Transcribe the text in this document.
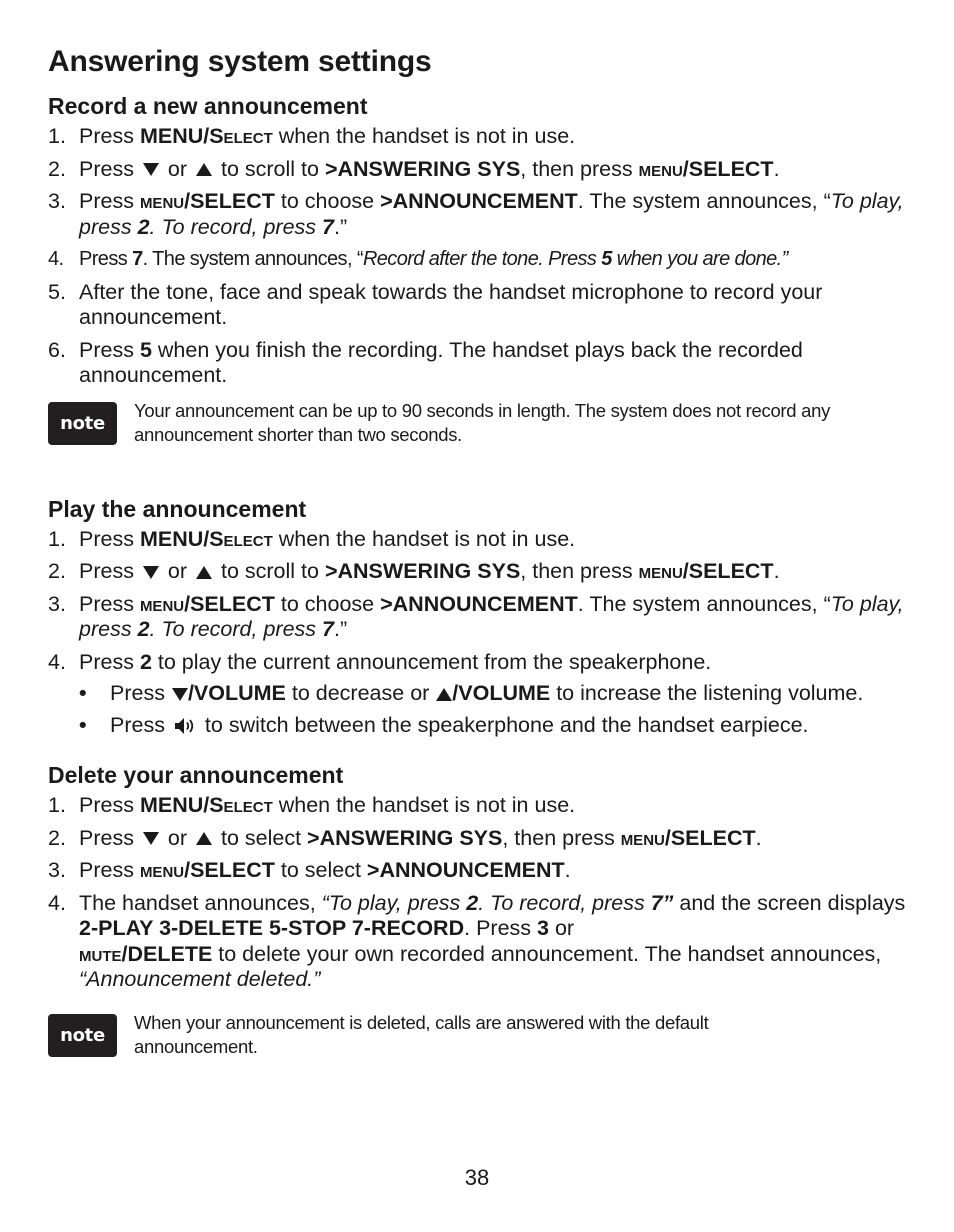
Answering system settings
Record a new announcement
1. Press MENU/Select when the handset is not in use.
2. Press  or  to scroll to >ANSWERING SYS, then press menu/SELECT.
3. Press menu/SELECT to choose >ANNOUNCEMENT. The system announces, “To play, press 2. To record, press 7.”
4. Press 7. The system announces, “Record after the tone. Press 5 when you are done.”
5. After the tone, face and speak towards the handset microphone to record your announcement.
6. Press 5 when you finish the recording. The handset plays back the recorded announcement.
note
Your announcement can be up to 90 seconds in length. The system does not record any announcement shorter than two seconds.
Play the announcement
1. Press MENU/Select when the handset is not in use.
2. Press  or  to scroll to >ANSWERING SYS, then press menu/SELECT.
3. Press menu/SELECT to choose >ANNOUNCEMENT. The system announces, “To play, press 2. To record, press 7.”
4. Press 2 to play the current announcement from the speakerphone.
• Press /VOLUME to decrease or /VOLUME to increase the listening volume.
• Press  to switch between the speakerphone and the handset earpiece.
Delete your announcement
1. Press MENU/Select when the handset is not in use.
2. Press  or  to select >ANSWERING SYS, then press menu/SELECT.
3. Press menu/SELECT to select >ANNOUNCEMENT.
4. The handset announces, “To play, press 2. To record, press 7” and the screen displays 2-PLAY 3-DELETE 5-STOP 7-RECORD. Press 3 or
mute/DELETE to delete your own recorded announcement. The handset announces, “Announcement deleted.”
note
When your announcement is deleted, calls are answered with the default announcement.
38
